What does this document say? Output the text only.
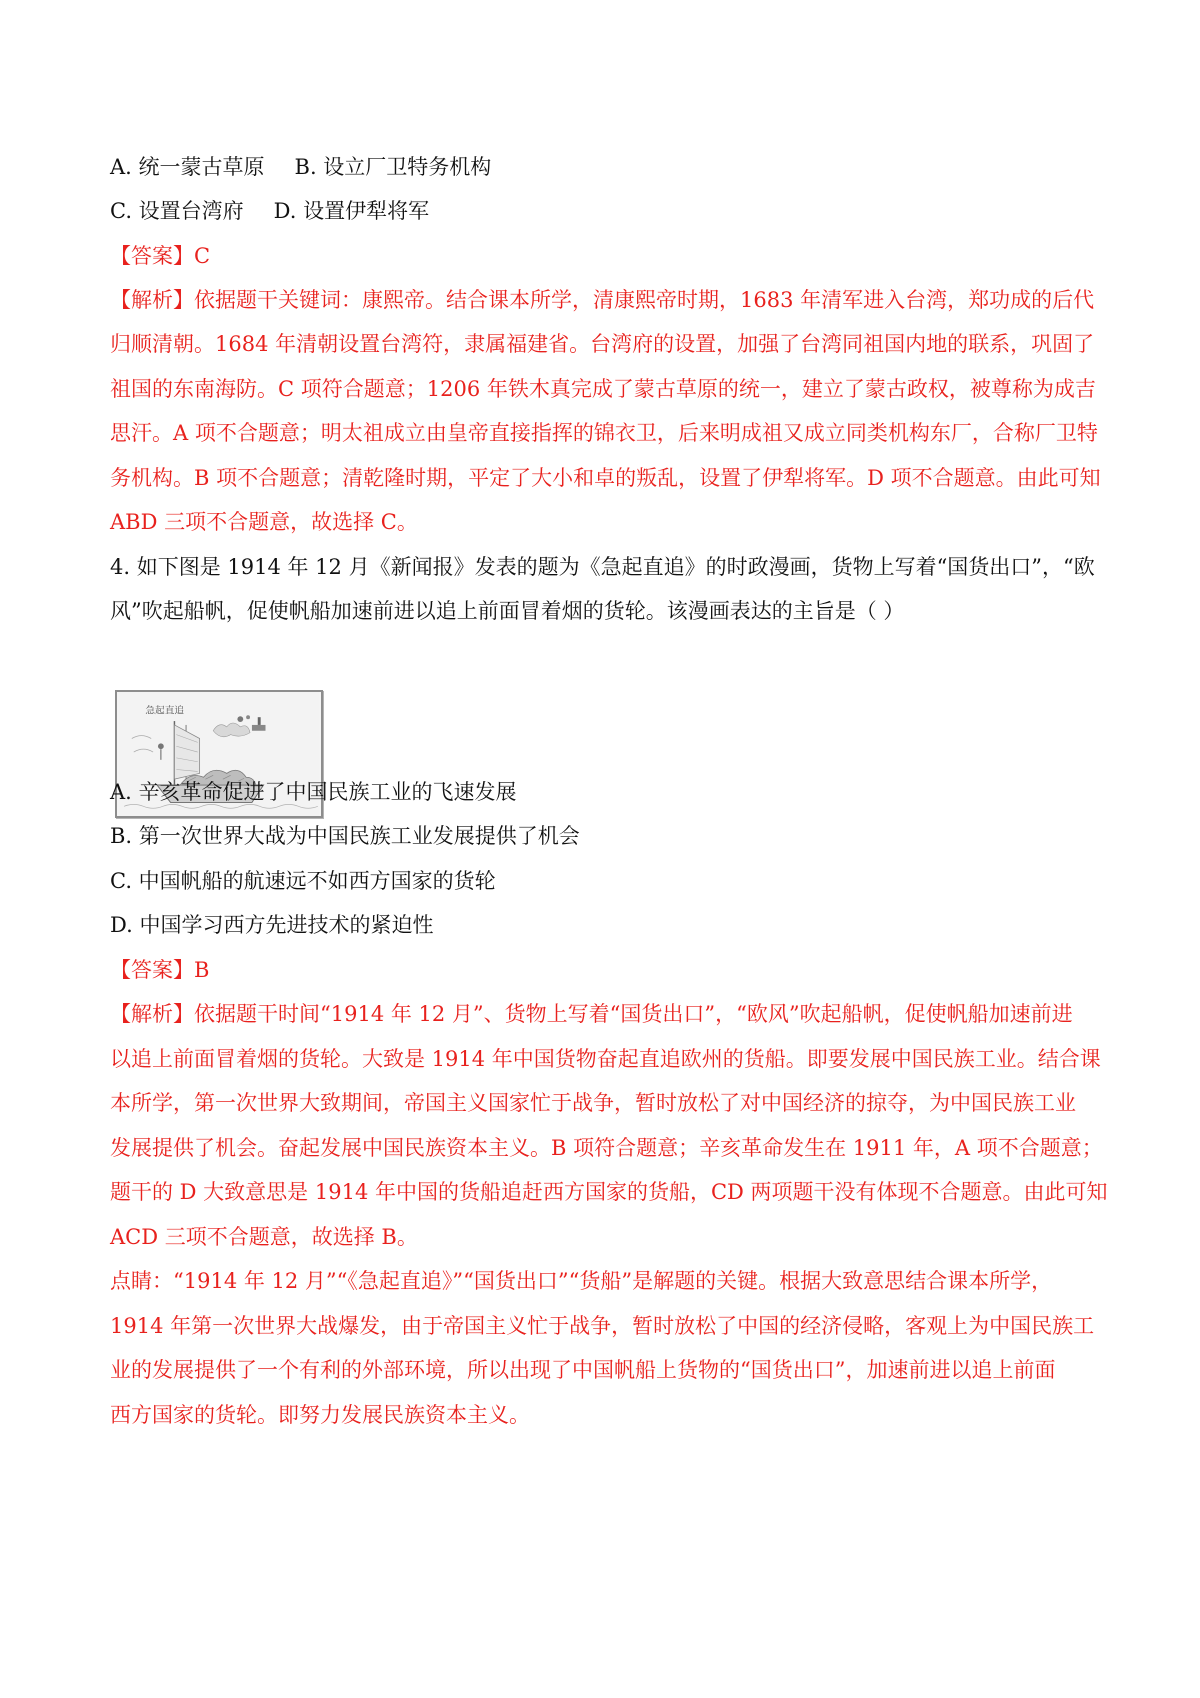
A. 统一蒙古草原 B. 设立厂卫特务机构
C. 设置台湾府 D. 设置伊犁将军
【答案】C
【解析】依据题干关键词：康熙帝。结合课本所学，清康熙帝时期，1683 年清军进入台湾，郑功成的后代
归顺清朝。1684 年清朝设置台湾符，隶属福建省。台湾府的设置，加强了台湾同祖国内地的联系，巩固了
祖国的东南海防。C 项符合题意；1206 年铁木真完成了蒙古草原的统一，建立了蒙古政权，被尊称为成吉
思汗。A 项不合题意；明太祖成立由皇帝直接指挥的锦衣卫，后来明成祖又成立同类机构东厂，合称厂卫特
务机构。B 项不合题意；清乾隆时期，平定了大小和卓的叛乱，设置了伊犁将军。D 项不合题意。由此可知
ABD 三项不合题意，故选择 C。
4. 如下图是 1914 年 12 月《新闻报》发表的题为《急起直追》的时政漫画，货物上写着“国货出口”，“欧
风”吹起船帆，促使帆船加速前进以追上前面冒着烟的货轮。该漫画表达的主旨是（ ）
急起直追
A. 辛亥革命促进了中国民族工业的飞速发展
B. 第一次世界大战为中国民族工业发展提供了机会
C. 中国帆船的航速远不如西方国家的货轮
D. 中国学习西方先进技术的紧迫性
【答案】B
【解析】依据题干时间“1914 年 12 月”、货物上写着“国货出口”，“欧风”吹起船帆，促使帆船加速前进
以追上前面冒着烟的货轮。大致是 1914 年中国货物奋起直追欧州的货船。即要发展中国民族工业。结合课
本所学，第一次世界大致期间，帝国主义国家忙于战争，暂时放松了对中国经济的掠夺，为中国民族工业
发展提供了机会。奋起发展中国民族资本主义。B 项符合题意；辛亥革命发生在 1911 年，A 项不合题意；
题干的 D 大致意思是 1914 年中国的货船追赶西方国家的货船，CD 两项题干没有体现不合题意。由此可知
ACD 三项不合题意，故选择 B。
点睛：“1914 年 12 月”“《急起直追》”“国货出口”“货船”是解题的关键。根据大致意思结合课本所学，
1914 年第一次世界大战爆发，由于帝国主义忙于战争，暂时放松了中国的经济侵略，客观上为中国民族工
业的发展提供了一个有利的外部环境，所以出现了中国帆船上货物的“国货出口”，加速前进以追上前面
西方国家的货轮。即努力发展民族资本主义。
